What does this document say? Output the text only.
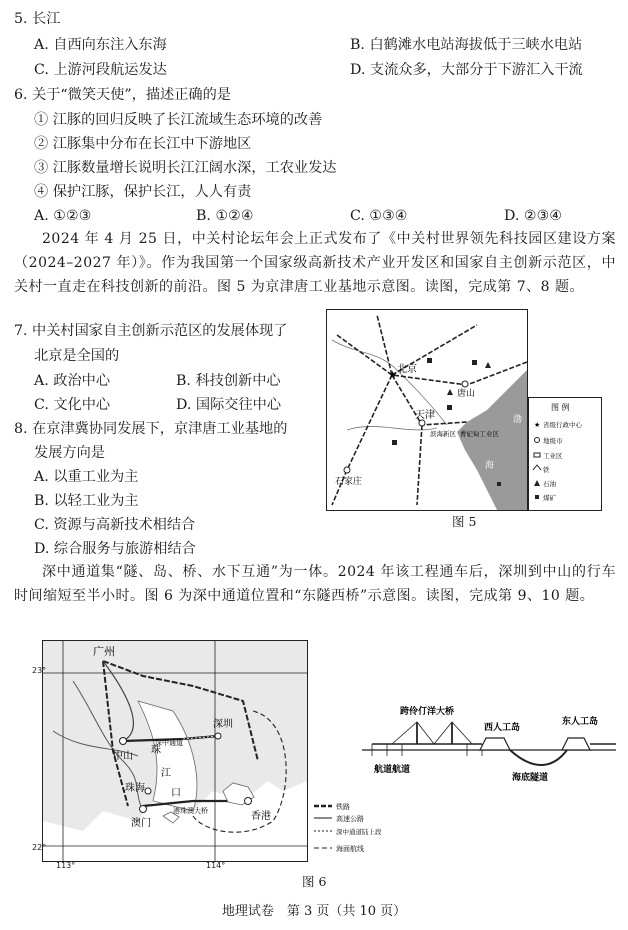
5. 长江
A. 自西向东注入东海	B. 白鹤滩水电站海拔低于三峡水电站
C. 上游河段航运发达	D. 支流众多，大部分于下游汇入干流
6. 关于“微笑天使”，描述正确的是
① 江豚的回归反映了长江流域生态环境的改善
② 江豚集中分布在长江中下游地区
③ 江豚数量增长说明长江江阔水深，工农业发达
④ 保护江豚，保护长江，人人有责
A. ①②③	B. ①②④	C. ①③④	D. ②③④
2024 年 4 月 25 日，中关村论坛年会上正式发布了《中关村世界领先科技园区建设方案（2024–2027 年）》。作为我国第一个国家级高新技术产业开发区和国家自主创新示范区，中关村一直走在科技创新的前沿。图 5 为京津唐工业基地示意图。读图，完成第 7、8 题。
7. 中关村国家自主创新示范区的发展体现了
北京是全国的
A. 政治中心	B. 科技创新中心
C. 文化中心	D. 国际交往中心
8. 在京津冀协同发展下，京津唐工业基地的
发展方向是
A. 以重工业为主
B. 以轻工业为主
C. 资源与高新技术相结合
D. 综合服务与旅游相结合
★
北京
唐山
天津
石家庄
滨海新区 曹妃甸工业区
渤
海
图 例
★ 省级行政中心
地级市
工业区
铁
石油
煤矿
图 5
深中通道集“隧、岛、桥、水下互通”为一体。2024 年该工程通车后，深圳到中山的行车时间缩短至半小时。图 6 为深中通道位置和“东隧西桥”示意图。读图，完成第 9、10 题。
广州
中山
珠海
澳门
深圳
香港
珠
江
口
深中通道
港珠澳大桥
23°
22°
113°	114°
铁路
高速公路
深中通道陆上段
海面航线
跨伶仃洋大桥
西人工岛
东人工岛
航道航道
海底隧道
图 6
地理试卷　第 3 页（共 10 页）
